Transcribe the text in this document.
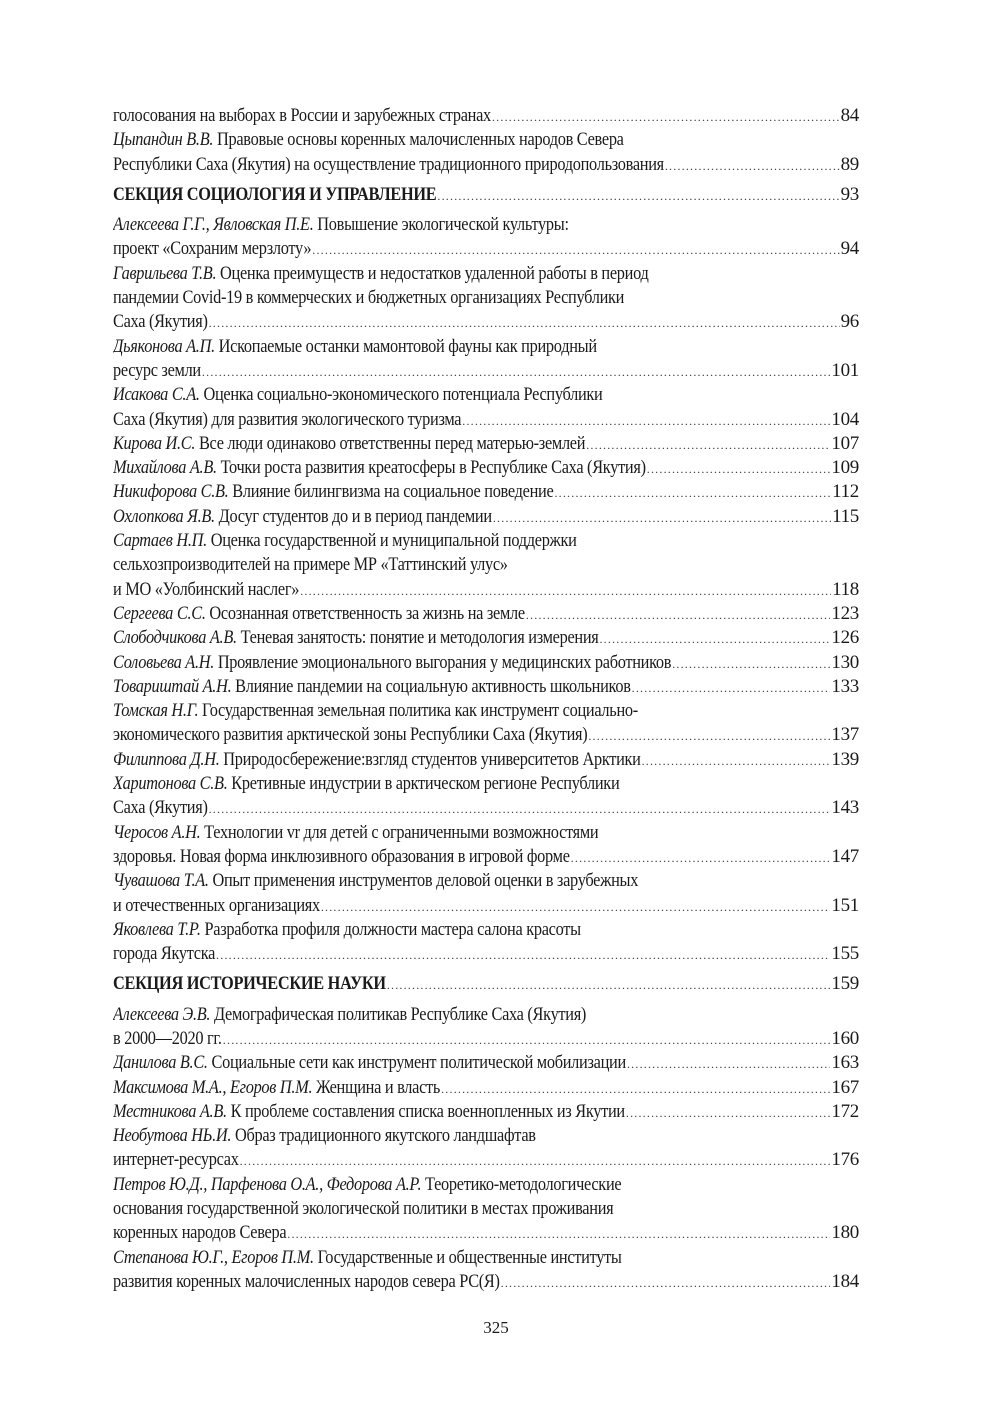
голосования на выборах в России и зарубежных странах .....	84
Цыпандин В.В. Правовые основы коренных малочисленных народов Севера
Республики Саха (Якутия) на осуществление традиционного природопользования .....	89
СЕКЦИЯ СОЦИОЛОГИЯ И УПРАВЛЕНИЕ .....	93
Алексеева Г.Г., Явловская П.Е. Повышение экологической культуры:
проект «Сохраним мерзлоту» .....	94
Гаврильева Т.В. Оценка преимуществ и недостатков удаленной работы в период
пандемии Covid-19 в коммерческих и бюджетных организациях Республики
Саха (Якутия) .....	96
Дьяконова А.П. Ископаемые останки мамонтовой фауны как природный
ресурс земли .....	101
Исакова С.А. Оценка социально-экономического потенциала Республики
Саха (Якутия) для развития экологического туризма .....	104
Кирова И.С. Все люди одинаково ответственны перед матерью-землей .....	107
Михайлова А.В. Точки роста развития креатосферы в Республике Саха (Якутия) .....	109
Никифорова С.В. Влияние билингвизма на социальное поведение .....	112
Охлопкова Я.В. Досуг студентов до и в период пандемии .....	115
Сартаев Н.П. Оценка государственной и муниципальной поддержки
сельхозпроизводителей на примере МР «Таттинский улус»
и МО «Уолбинский наслег» .....	118
Сергеева С.С. Осознанная ответственность за жизнь на земле .....	123
Слободчикова А.В. Теневая занятость: понятие и методология измерения .....	126
Соловьева А.Н. Проявление эмоционального выгорания у медицинских работников .....	130
Товариштай А.Н. Влияние пандемии на социальную активность школьников .....	133
Томская Н.Г. Государственная земельная политика как инструмент социально-
экономического развития арктической зоны Республики Саха (Якутия) .....	137
Филиппова Д.Н. Природосбережение:взгляд студентов университетов Арктики .....	139
Харитонова С.В. Кретивные индустрии в арктическом регионе Республики
Саха (Якутия) .....	143
Черосов А.Н. Технологии vr для детей с ограниченными возможностями
здоровья. Новая форма инклюзивного образования в игровой форме .....	147
Чувашова Т.А. Опыт применения инструментов деловой оценки в зарубежных
и отечественных организациях .....	151
Яковлева Т.Р. Разработка профиля должности мастера салона красоты
города Якутска .....	155
СЕКЦИЯ ИСТОРИЧЕСКИЕ НАУКИ .....	159
Алексеева Э.В. Демографическая политикав Республике Саха (Якутия)
в 2000—2020 гг. .....	160
Данилова В.С. Социальные сети как инструмент политической мобилизации .....	163
Максимова М.А., Егоров П.М. Женщина и власть .....	167
Местникова А.В. К проблеме составления списка военнопленных из Якутии .....	172
Необутова НЬ.И. Образ традиционного якутского ландшафтав
интернет-ресурсах .....	176
Петров Ю.Д., Парфенова О.А., Федорова А.Р. Теоретико-методологические
основания государственной экологической политики в местах проживания
коренных народов Севера .....	180
Степанова Ю.Г., Егоров П.М. Государственные и общественные институты
развития коренных малочисленных народов севера РС(Я) .....	184
325
